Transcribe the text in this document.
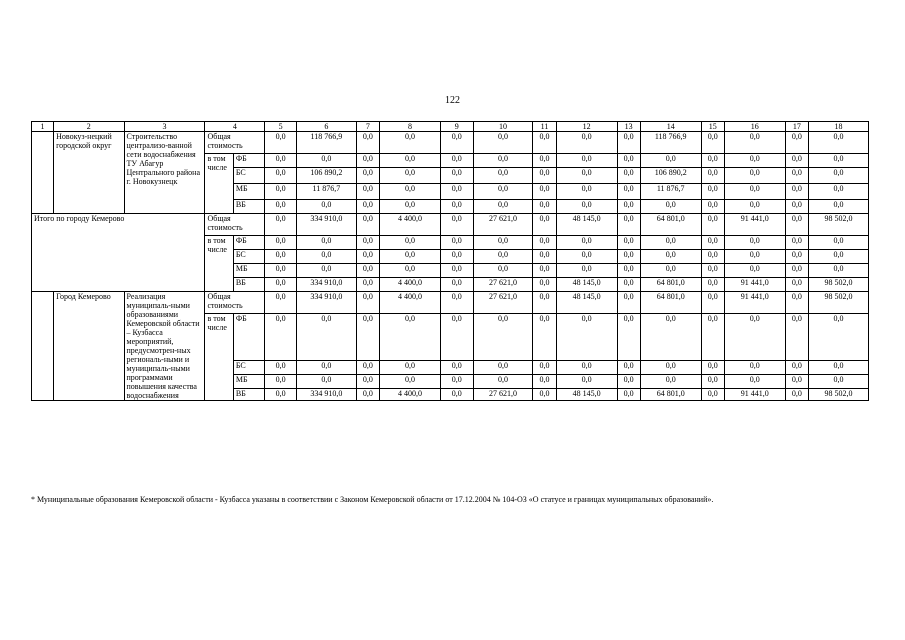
122
1	2	3	4		5	6	7	8	9	10	11	12	13	14	15	16	17	18
	Новокуз-нецкий городской округ	Строительство централизо-ванной сети водоснабжения ТУ Абагур Центрального района г. Новокузнецк	Общая стоимость		0,0	118 766,9	0,0	0,0	0,0	0,0	0,0	0,0	0,0	118 766,9	0,0	0,0	0,0	0,0
			в том числе	ФБ	0,0	0,0	0,0	0,0	0,0	0,0	0,0	0,0	0,0	0,0	0,0	0,0	0,0	0,0
				БС	0,0	106 890,2	0,0	0,0	0,0	0,0	0,0	0,0	0,0	106 890,2	0,0	0,0	0,0	0,0
				МБ	0,0	11 876,7	0,0	0,0	0,0	0,0	0,0	0,0	0,0	11 876,7	0,0	0,0	0,0	0,0
				ВБ	0,0	0,0	0,0	0,0	0,0	0,0	0,0	0,0	0,0	0,0	0,0	0,0	0,0	0,0
Итого по городу Кемерово			Общая стоимость		0,0	334 910,0	0,0	4 400,0	0,0	27 621,0	0,0	48 145,0	0,0	64 801,0	0,0	91 441,0	0,0	98 502,0
			в том числе	ФБ	0,0	0,0	0,0	0,0	0,0	0,0	0,0	0,0	0,0	0,0	0,0	0,0	0,0	0,0
				БС	0,0	0,0	0,0	0,0	0,0	0,0	0,0	0,0	0,0	0,0	0,0	0,0	0,0	0,0
				МБ	0,0	0,0	0,0	0,0	0,0	0,0	0,0	0,0	0,0	0,0	0,0	0,0	0,0	0,0
				ВБ	0,0	334 910,0	0,0	4 400,0	0,0	27 621,0	0,0	48 145,0	0,0	64 801,0	0,0	91 441,0	0,0	98 502,0
	Город Кемерово	Реализация муниципаль-ными образованиями Кемеровской области – Кузбасса мероприятий, предусмотрен-ных региональ-ными и муниципаль-ными программами повышения качества водоснабжения	Общая стоимость		0,0	334 910,0	0,0	4 400,0	0,0	27 621,0	0,0	48 145,0	0,0	64 801,0	0,0	91 441,0	0,0	98 502,0
			в том числе	ФБ	0,0	0,0	0,0	0,0	0,0	0,0	0,0	0,0	0,0	0,0	0,0	0,0	0,0	0,0
				БС	0,0	0,0	0,0	0,0	0,0	0,0	0,0	0,0	0,0	0,0	0,0	0,0	0,0	0,0
				МБ	0,0	0,0	0,0	0,0	0,0	0,0	0,0	0,0	0,0	0,0	0,0	0,0	0,0	0,0
				ВБ	0,0	334 910,0	0,0	4 400,0	0,0	27 621,0	0,0	48 145,0	0,0	64 801,0	0,0	91 441,0	0,0	98 502,0
* Муниципальные образования Кемеровской области - Кузбасса указаны в соответствии с Законом Кемеровской области от 17.12.2004 № 104-ОЗ «О статусе и границах муниципальных образований».
